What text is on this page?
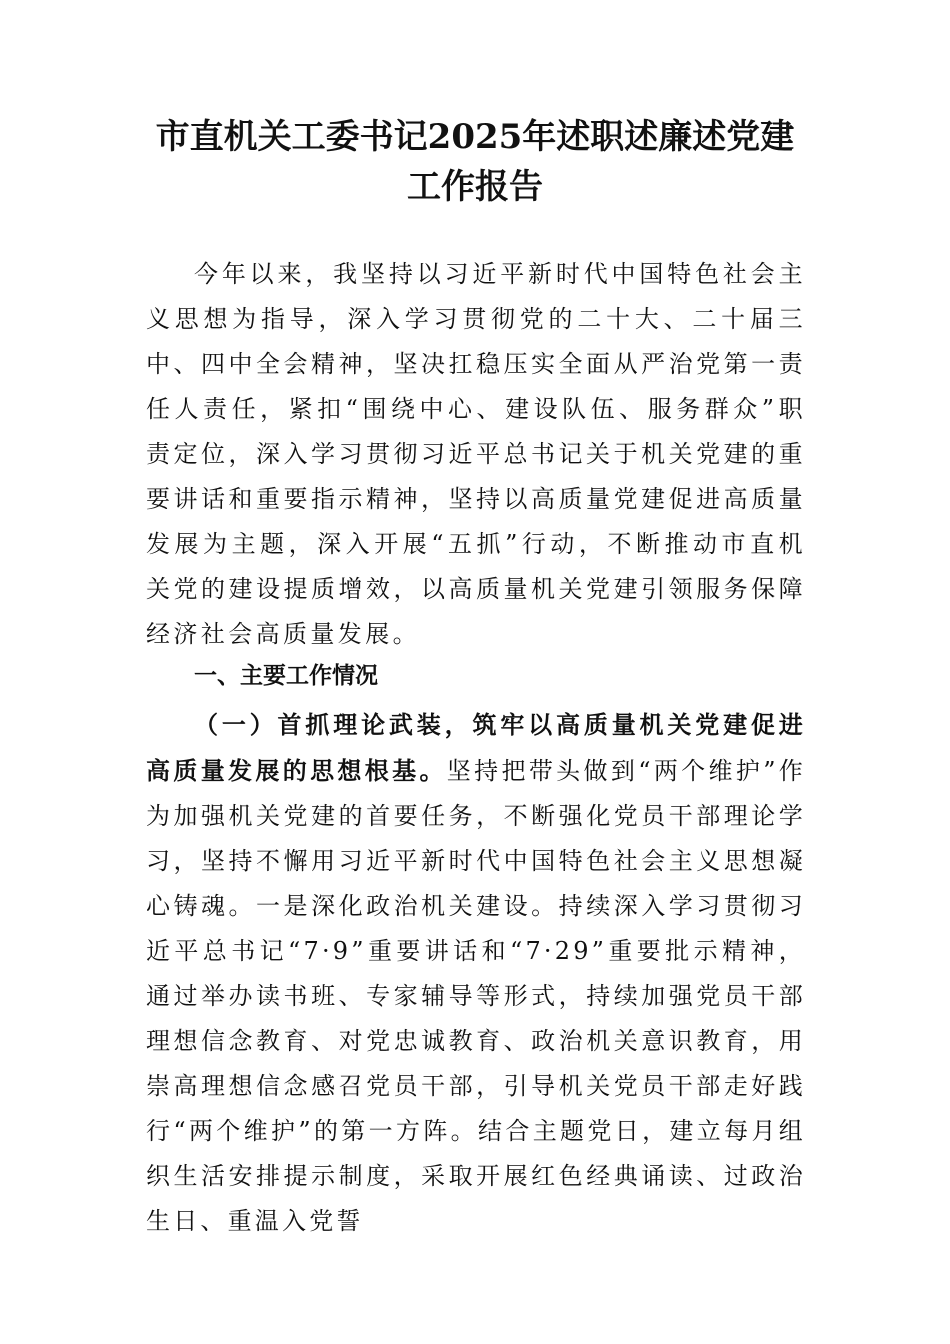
市直机关工委书记2025年述职述廉述党建
工作报告
今年以来，我坚持以习近平新时代中国特色社会主义思想为指导，深入学习贯彻党的二十大、二十届三中、四中全会精神，坚决扛稳压实全面从严治党第一责任人责任，紧扣“围绕中心、建设队伍、服务群众”职责定位，深入学习贯彻习近平总书记关于机关党建的重要讲话和重要指示精神，坚持以高质量党建促进高质量发展为主题，深入开展“五抓”行动，不断推动市直机关党的建设提质增效，以高质量机关党建引领服务保障经济社会高质量发展。
一、主要工作情况
（一）首抓理论武装，筑牢以高质量机关党建促进高质量发展的思想根基。坚持把带头做到“两个维护”作为加强机关党建的首要任务，不断强化党员干部理论学习，坚持不懈用习近平新时代中国特色社会主义思想凝心铸魂。一是深化政治机关建设。持续深入学习贯彻习近平总书记“7·9”重要讲话和“7·29”重要批示精神，通过举办读书班、专家辅导等形式，持续加强党员干部理想信念教育、对党忠诚教育、政治机关意识教育，用崇高理想信念感召党员干部，引导机关党员干部走好践行“两个维护”的第一方阵。结合主题党日，建立每月组织生活安排提示制度，采取开展红色经典诵读、过政治生日、重温入党誓
